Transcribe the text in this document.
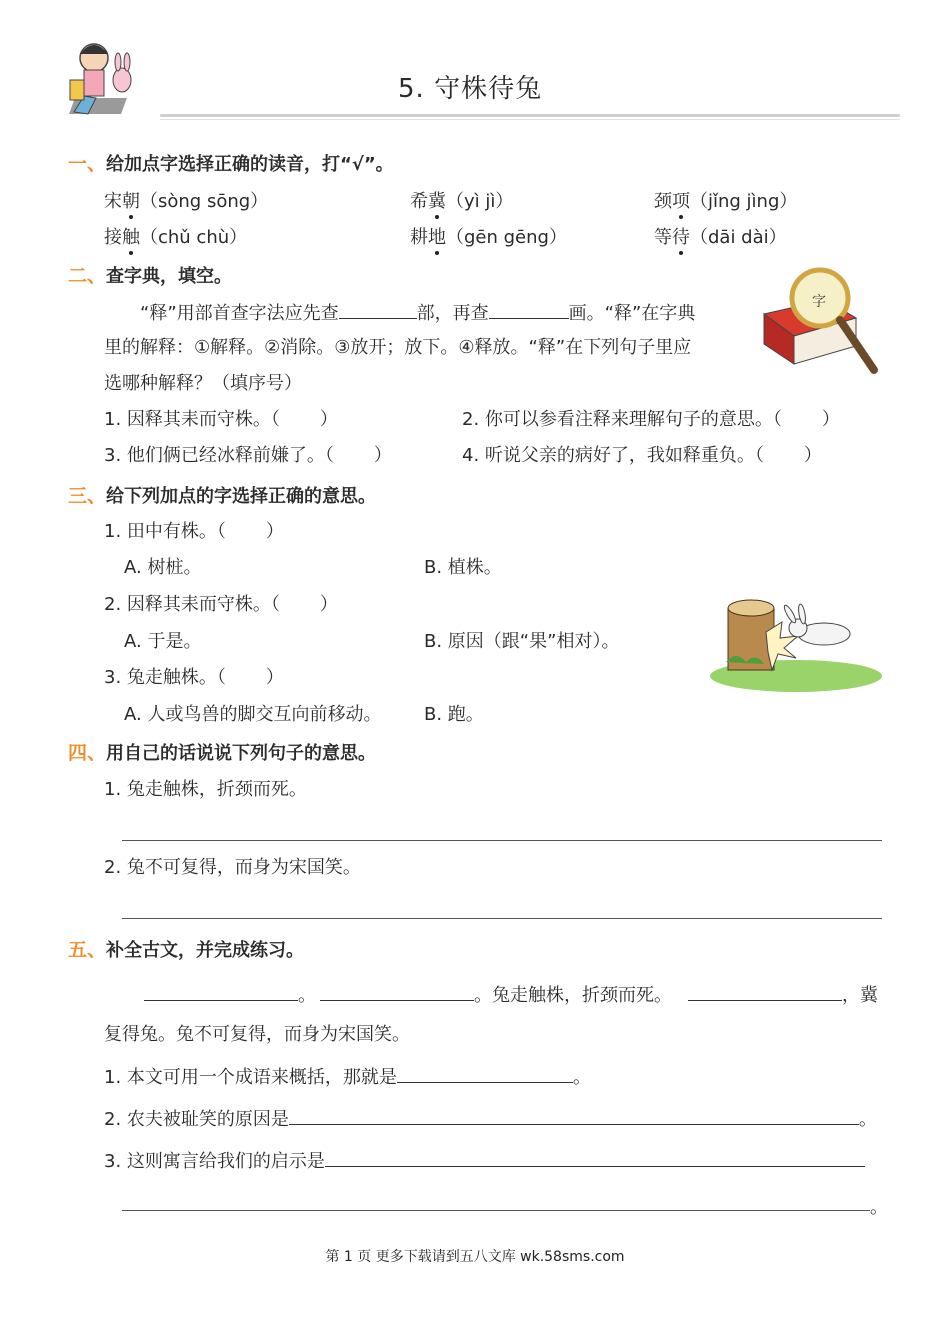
5. 守株待兔
一、给加点字选择正确的读音，打“√”。
宋朝（sòng sōng）	希冀（yì jì）	颈项（jǐng jìng）
接触（chǔ chù）	耕地（gēn gēng）	等待（dāi dài）
二、查字典，填空。
字
“释”用部首查字法应先查	部，再查	画。“释”在字典
里的解释：①解释。②消除。③放开；放下。④释放。“释”在下列句子里应
选哪种解释？（填序号）
1. 因释其耒而守株。（ ）	2. 你可以参看注释来理解句子的意思。（ ）
3. 他们俩已经冰释前嫌了。（ ）	4. 听说父亲的病好了，我如释重负。（ ）
三、给下列加点的字选择正确的意思。
1. 田中有株。（ ）
A. 树桩。	B. 植株。
2. 因释其耒而守株。（ ）
A. 于是。	B. 原因（跟“果”相对）。
3. 兔走触株。（ ）
A. 人或鸟兽的脚交互向前移动。 B. 跑。
四、用自己的话说说下列句子的意思。
1. 兔走触株，折颈而死。
2. 兔不可复得，而身为宋国笑。
五、补全古文，并完成练习。
。	。兔走触株，折颈而死。	，冀
复得兔。兔不可复得，而身为宋国笑。
1. 本文可用一个成语来概括，那就是	。
2. 农夫被耻笑的原因是	。
3. 这则寓言给我们的启示是
。
第 1 页 更多下载请到五八文库 wk.58sms.com
